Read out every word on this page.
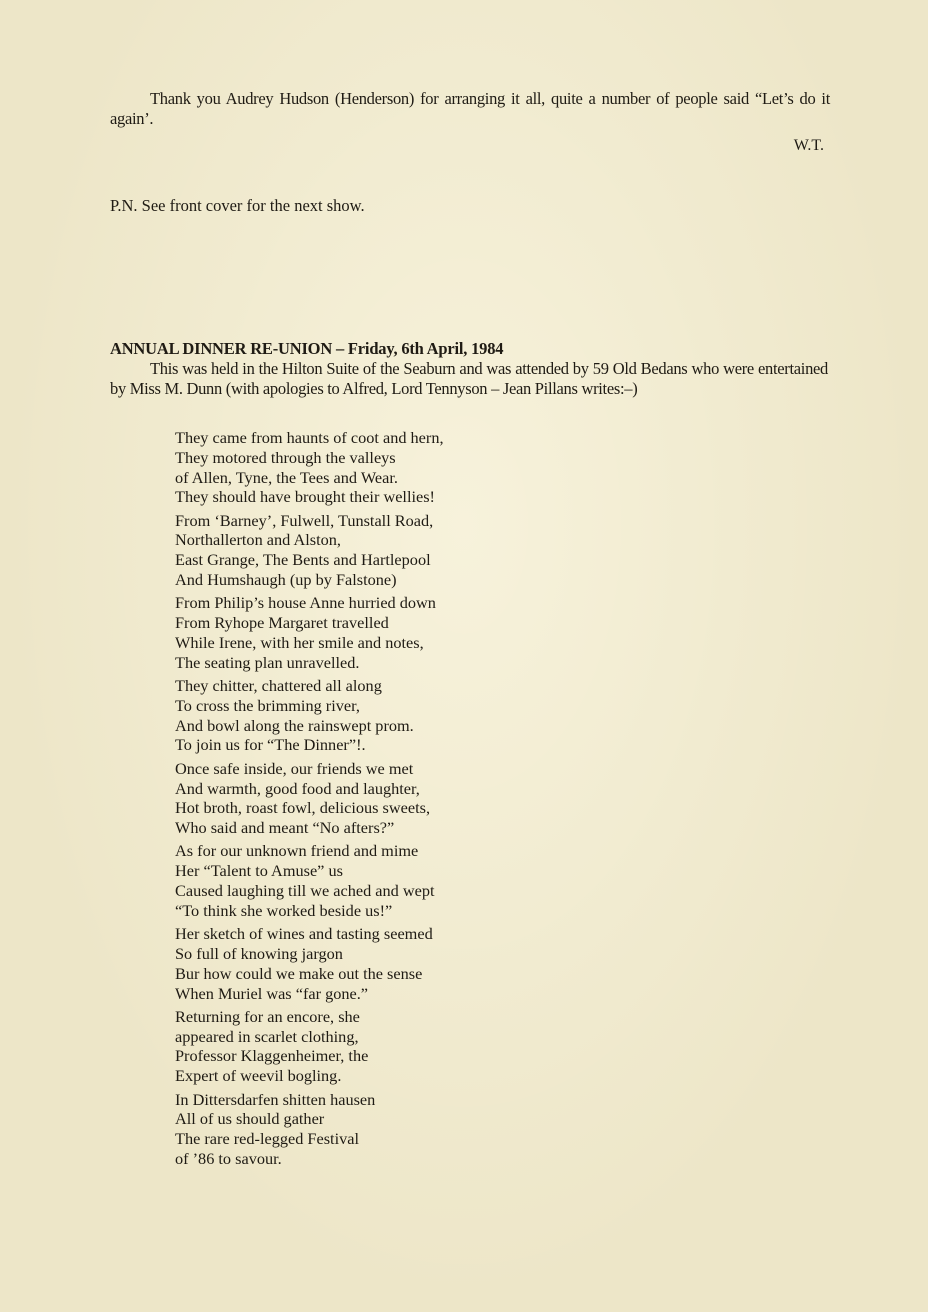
Thank you Audrey Hudson (Henderson) for arranging it all, quite a number of people said “Let’s do it again’.

W.T.

P.N. See front cover for the next show.

ANNUAL DINNER RE-UNION – Friday, 6th April, 1984

This was held in the Hilton Suite of the Seaburn and was attended by 59 Old Bedans who were entertained by Miss M. Dunn (with apologies to Alfred, Lord Tennyson – Jean Pillans writes:–)

They came from haunts of coot and hern,
They motored through the valleys
of Allen, Tyne, the Tees and Wear.
They should have brought their wellies!
From ‘Barney’, Fulwell, Tunstall Road,
Northallerton and Alston,
East Grange, The Bents and Hartlepool
And Humshaugh (up by Falstone)
From Philip’s house Anne hurried down
From Ryhope Margaret travelled
While Irene, with her smile and notes,
The seating plan unravelled.
They chitter, chattered all along
To cross the brimming river,
And bowl along the rainswept prom.
To join us for “The Dinner”!.
Once safe inside, our friends we met
And warmth, good food and laughter,
Hot broth, roast fowl, delicious sweets,
Who said and meant “No afters?”
As for our unknown friend and mime
Her “Talent to Amuse” us
Caused laughing till we ached and wept
“To think she worked beside us!”
Her sketch of wines and tasting seemed
So full of knowing jargon
Bur how could we make out the sense
When Muriel was “far gone.”
Returning for an encore, she
appeared in scarlet clothing,
Professor Klaggenheimer, the
Expert of weevil bogling.
In Dittersdarfen shitten hausen
All of us should gather
The rare red-legged Festival
of ’86 to savour.
